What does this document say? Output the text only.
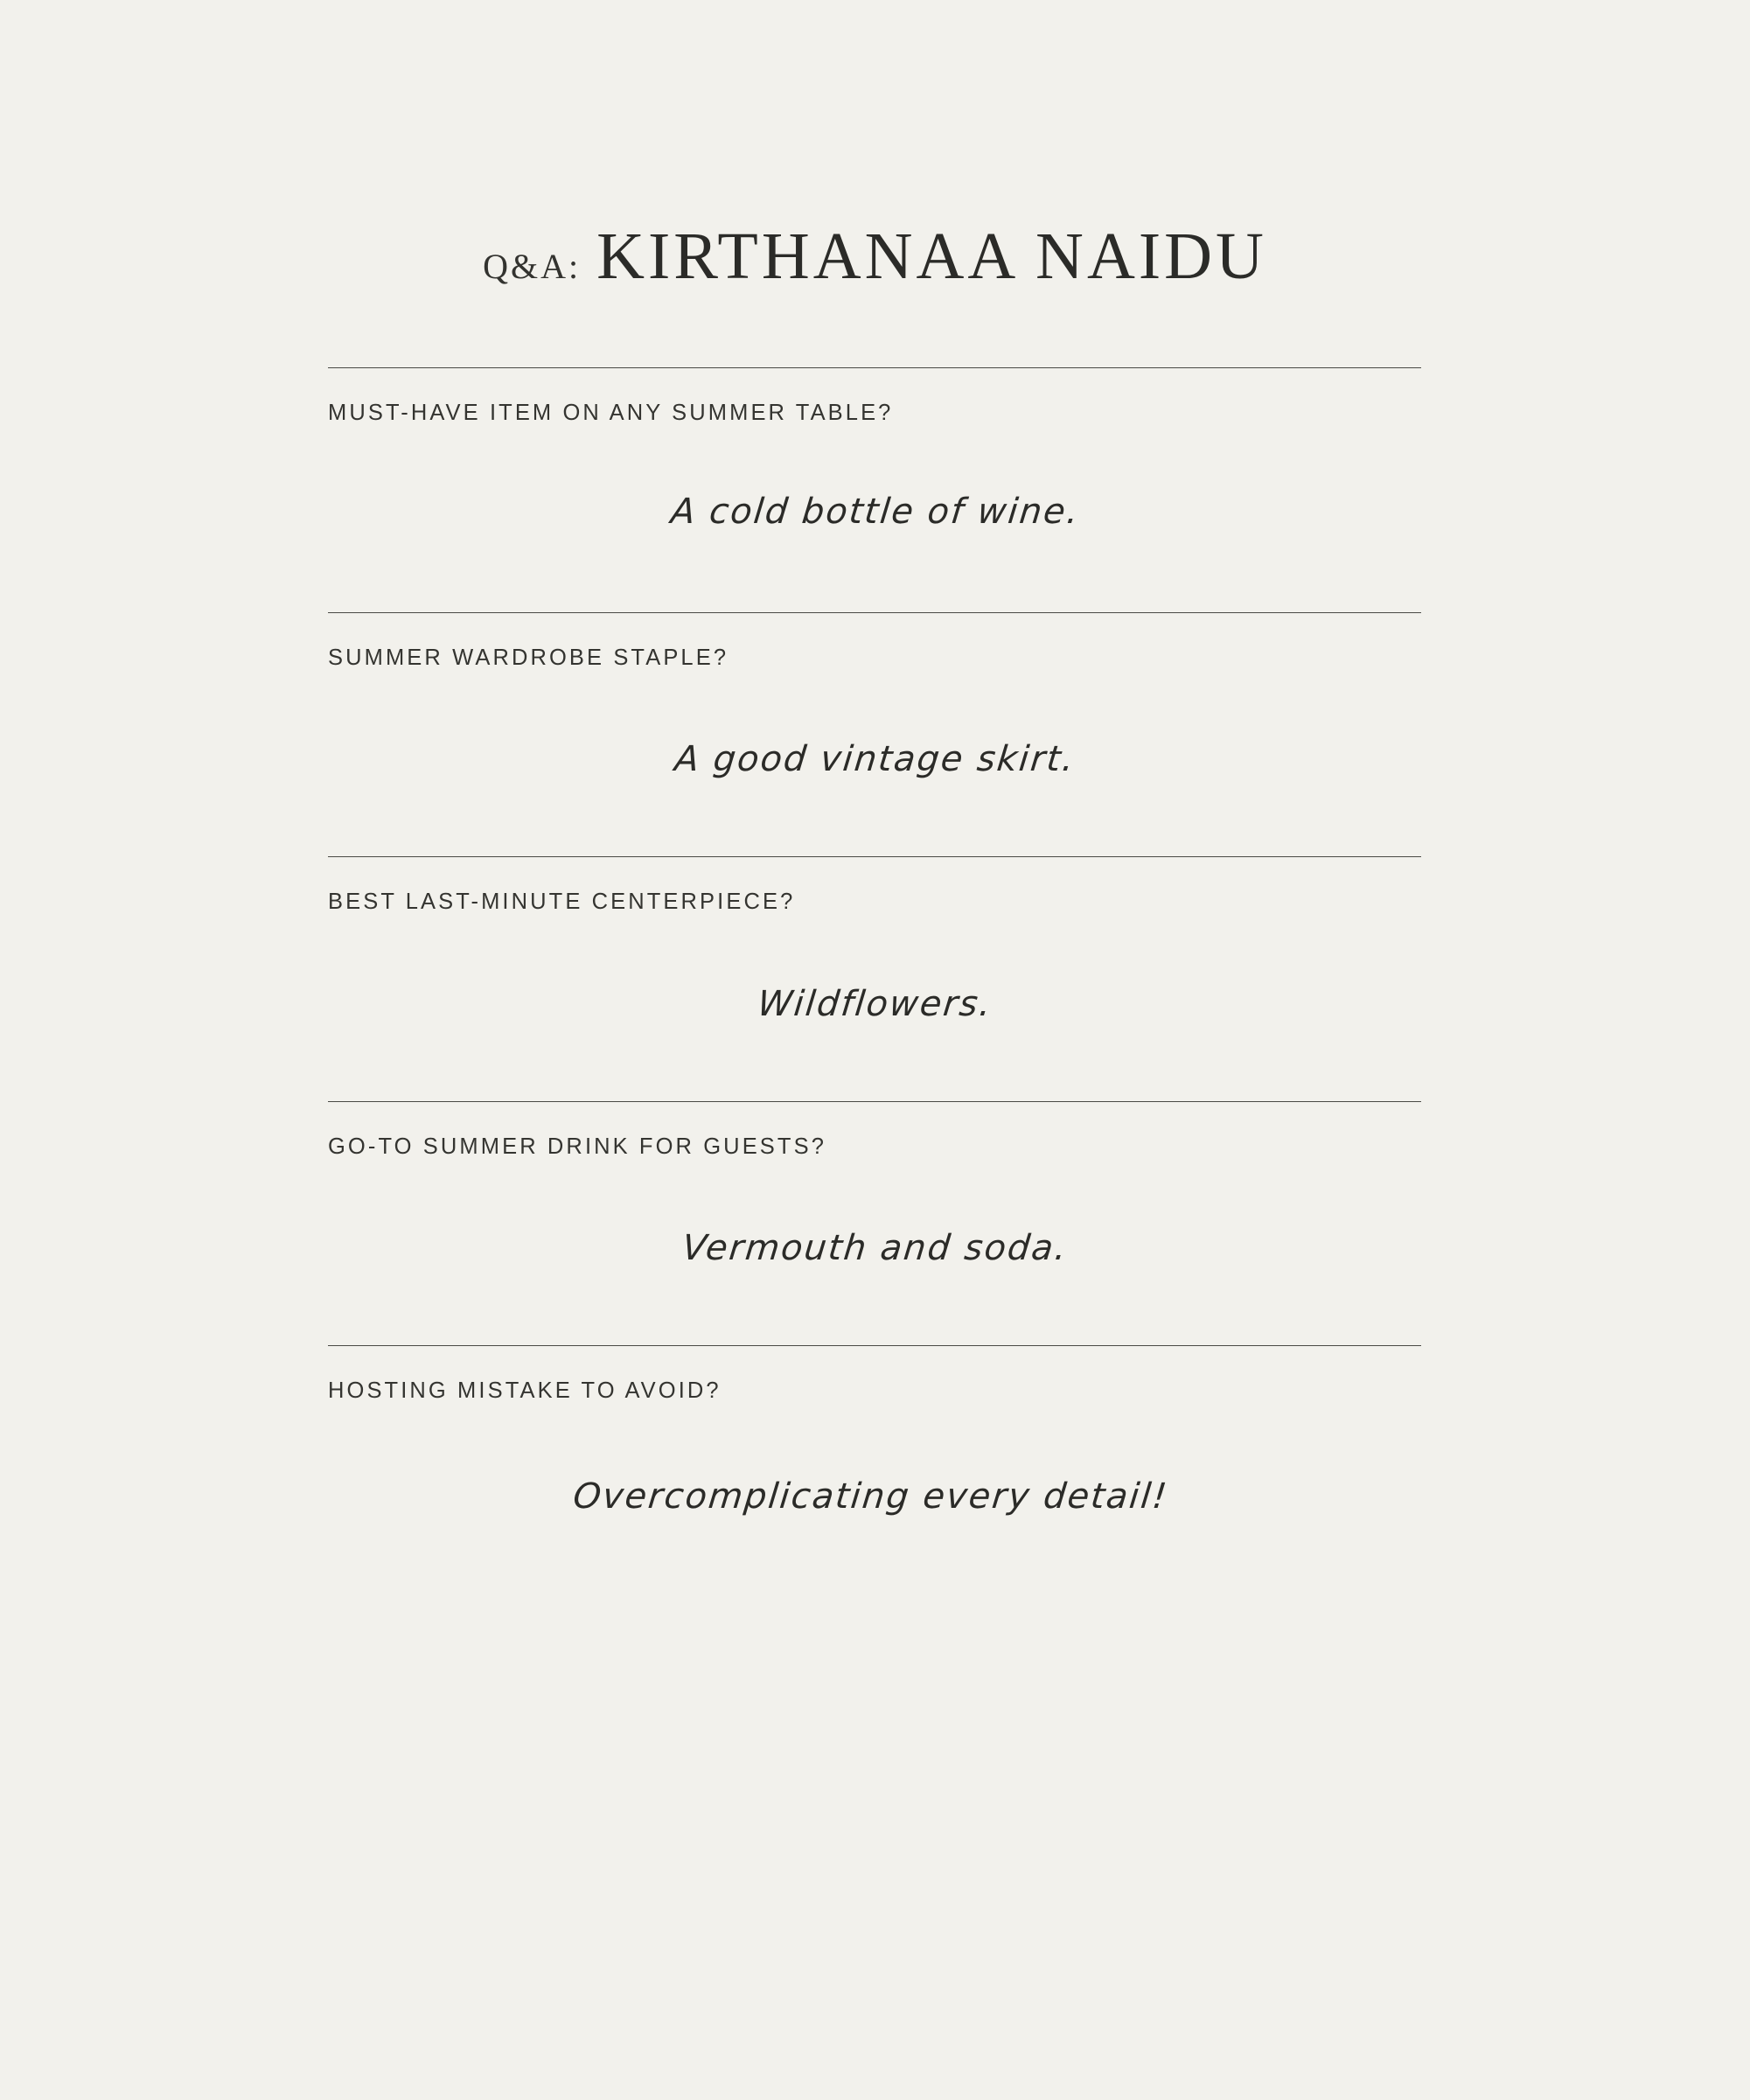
Q&A: KIRTHANAA NAIDU
MUST-HAVE ITEM ON ANY SUMMER TABLE?
A cold bottle of wine.
SUMMER WARDROBE STAPLE?
A good vintage skirt.
BEST LAST-MINUTE CENTERPIECE?
Wildflowers.
GO-TO SUMMER DRINK FOR GUESTS?
Vermouth and soda.
HOSTING MISTAKE TO AVOID?
Overcomplicating every detail!
